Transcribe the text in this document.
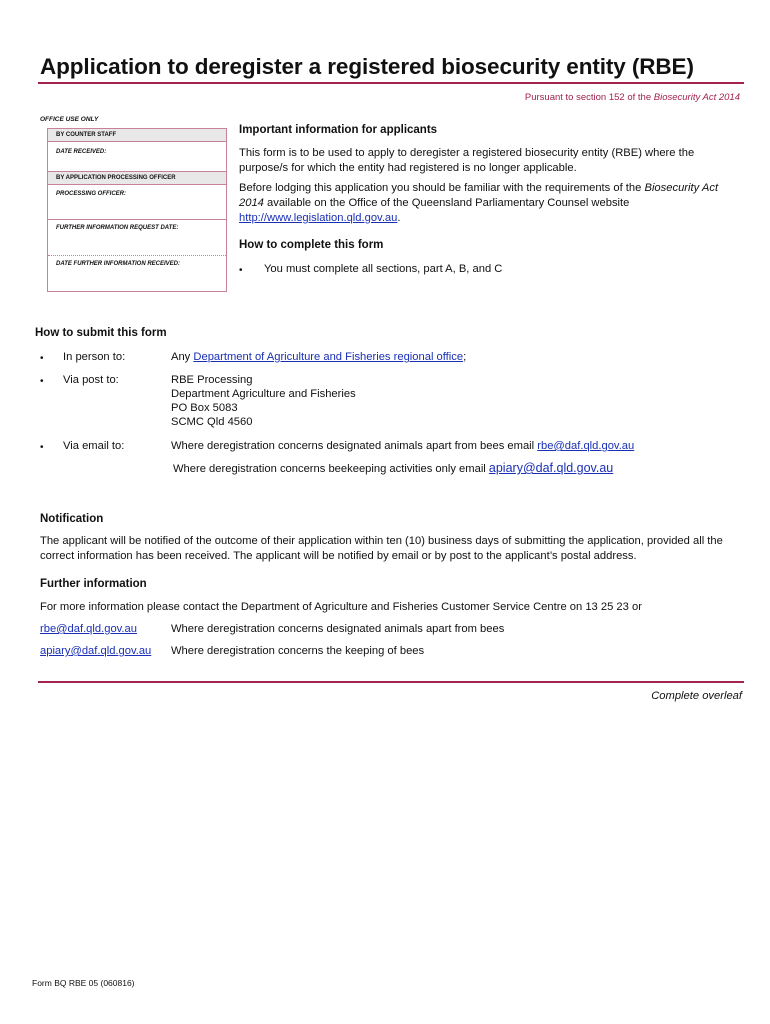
Application to deregister a registered biosecurity entity (RBE)
Pursuant to section 152 of the Biosecurity Act 2014
OFFICE USE ONLY
BY COUNTER STAFF
DATE RECEIVED:
BY APPLICATION PROCESSING OFFICER
PROCESSING OFFICER:
FURTHER INFORMATION REQUEST DATE:
DATE FURTHER INFORMATION RECEIVED:
Important information for applicants
This form is to be used to apply to deregister a registered biosecurity entity (RBE) where the purpose/s for which the entity had registered is no longer applicable.
Before lodging this application you should be familiar with the requirements of the Biosecurity Act 2014 available on the Office of the Queensland Parliamentary Counsel website http://www.legislation.qld.gov.au.
How to complete this form
• You must complete all sections, part A, B, and C
How to submit this form
• In person to:	Any Department of Agriculture and Fisheries regional office;
• Via post to:	RBE Processing
Department Agriculture and Fisheries
PO Box 5083
SCMC Qld 4560
• Via email to:	Where deregistration concerns designated animals apart from bees email rbe@daf.qld.gov.au
Where deregistration concerns beekeeping activities only email apiary@daf.qld.gov.au
Notification
The applicant will be notified of the outcome of their application within ten (10) business days of submitting the application, provided all the correct information has been received. The applicant will be notified by email or by post to the applicant’s postal address.
Further information
For more information please contact the Department of Agriculture and Fisheries Customer Service Centre on 13 25 23 or
rbe@daf.qld.gov.au	Where deregistration concerns designated animals apart from bees
apiary@daf.qld.gov.au Where deregistration concerns the keeping of bees
Complete overleaf
Form BQ RBE 05 (060816)
